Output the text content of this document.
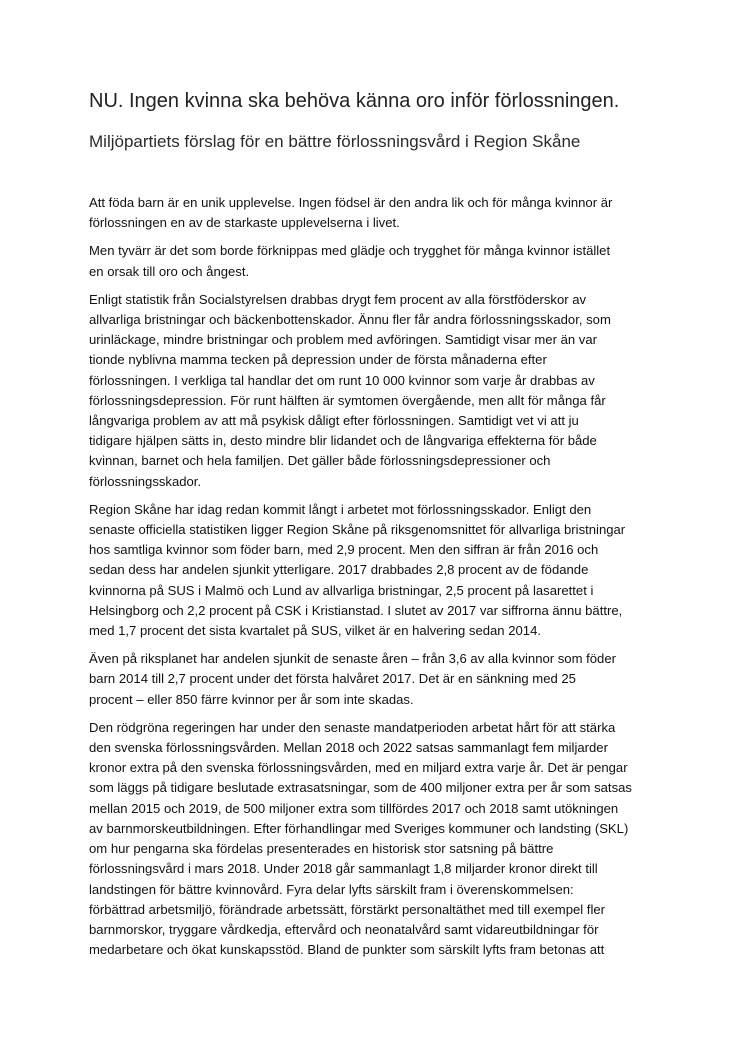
NU. Ingen kvinna ska behöva känna oro inför förlossningen.
Miljöpartiets förslag för en bättre förlossningsvård i Region Skåne

Att föda barn är en unik upplevelse. Ingen födsel är den andra lik och för många kvinnor är
förlossningen en av de starkaste upplevelserna i livet.

Men tyvärr är det som borde förknippas med glädje och trygghet för många kvinnor istället
en orsak till oro och ångest.

Enligt statistik från Socialstyrelsen drabbas drygt fem procent av alla förstföderskor av
allvarliga bristningar och bäckenbottenskador. Ännu fler får andra förlossningsskador, som
urinläckage, mindre bristningar och problem med avföringen. Samtidigt visar mer än var
tionde nyblivna mamma tecken på depression under de första månaderna efter
förlossningen. I verkliga tal handlar det om runt 10 000 kvinnor som varje år drabbas av
förlossningsdepression. För runt hälften är symtomen övergående, men allt för många får
långvariga problem av att må psykisk dåligt efter förlossningen. Samtidigt vet vi att ju
tidigare hjälpen sätts in, desto mindre blir lidandet och de långvariga effekterna för både
kvinnan, barnet och hela familjen. Det gäller både förlossningsdepressioner och
förlossningsskador.

Region Skåne har idag redan kommit långt i arbetet mot förlossningsskador. Enligt den
senaste officiella statistiken ligger Region Skåne på riksgenomsnittet för allvarliga bristningar
hos samtliga kvinnor som föder barn, med 2,9 procent. Men den siffran är från 2016 och
sedan dess har andelen sjunkit ytterligare. 2017 drabbades 2,8 procent av de födande
kvinnorna på SUS i Malmö och Lund av allvarliga bristningar, 2,5 procent på lasarettet i
Helsingborg och 2,2 procent på CSK i Kristianstad. I slutet av 2017 var siffrorna ännu bättre,
med 1,7 procent det sista kvartalet på SUS, vilket är en halvering sedan 2014.

Även på riksplanet har andelen sjunkit de senaste åren – från 3,6 av alla kvinnor som föder
barn 2014 till 2,7 procent under det första halvåret 2017. Det är en sänkning med 25
procent – eller 850 färre kvinnor per år som inte skadas.

Den rödgröna regeringen har under den senaste mandatperioden arbetat hårt för att stärka
den svenska förlossningsvården. Mellan 2018 och 2022 satsas sammanlagt fem miljarder
kronor extra på den svenska förlossningsvården, med en miljard extra varje år. Det är pengar
som läggs på tidigare beslutade extrasatsningar, som de 400 miljoner extra per år som satsas
mellan 2015 och 2019, de 500 miljoner extra som tillfördes 2017 och 2018 samt utökningen
av barnmorskeutbildningen. Efter förhandlingar med Sveriges kommuner och landsting (SKL)
om hur pengarna ska fördelas presenterades en historisk stor satsning på bättre
förlossningsvård i mars 2018. Under 2018 går sammanlagt 1,8 miljarder kronor direkt till
landstingen för bättre kvinnovård. Fyra delar lyfts särskilt fram i överenskommelsen:
förbättrad arbetsmiljö, förändrade arbetssätt, förstärkt personaltäthet med till exempel fler
barnmorskor, tryggare vårdkedja, eftervård och neonatalvård samt vidareutbildningar för
medarbetare och ökat kunskapsstöd. Bland de punkter som särskilt lyfts fram betonas att
